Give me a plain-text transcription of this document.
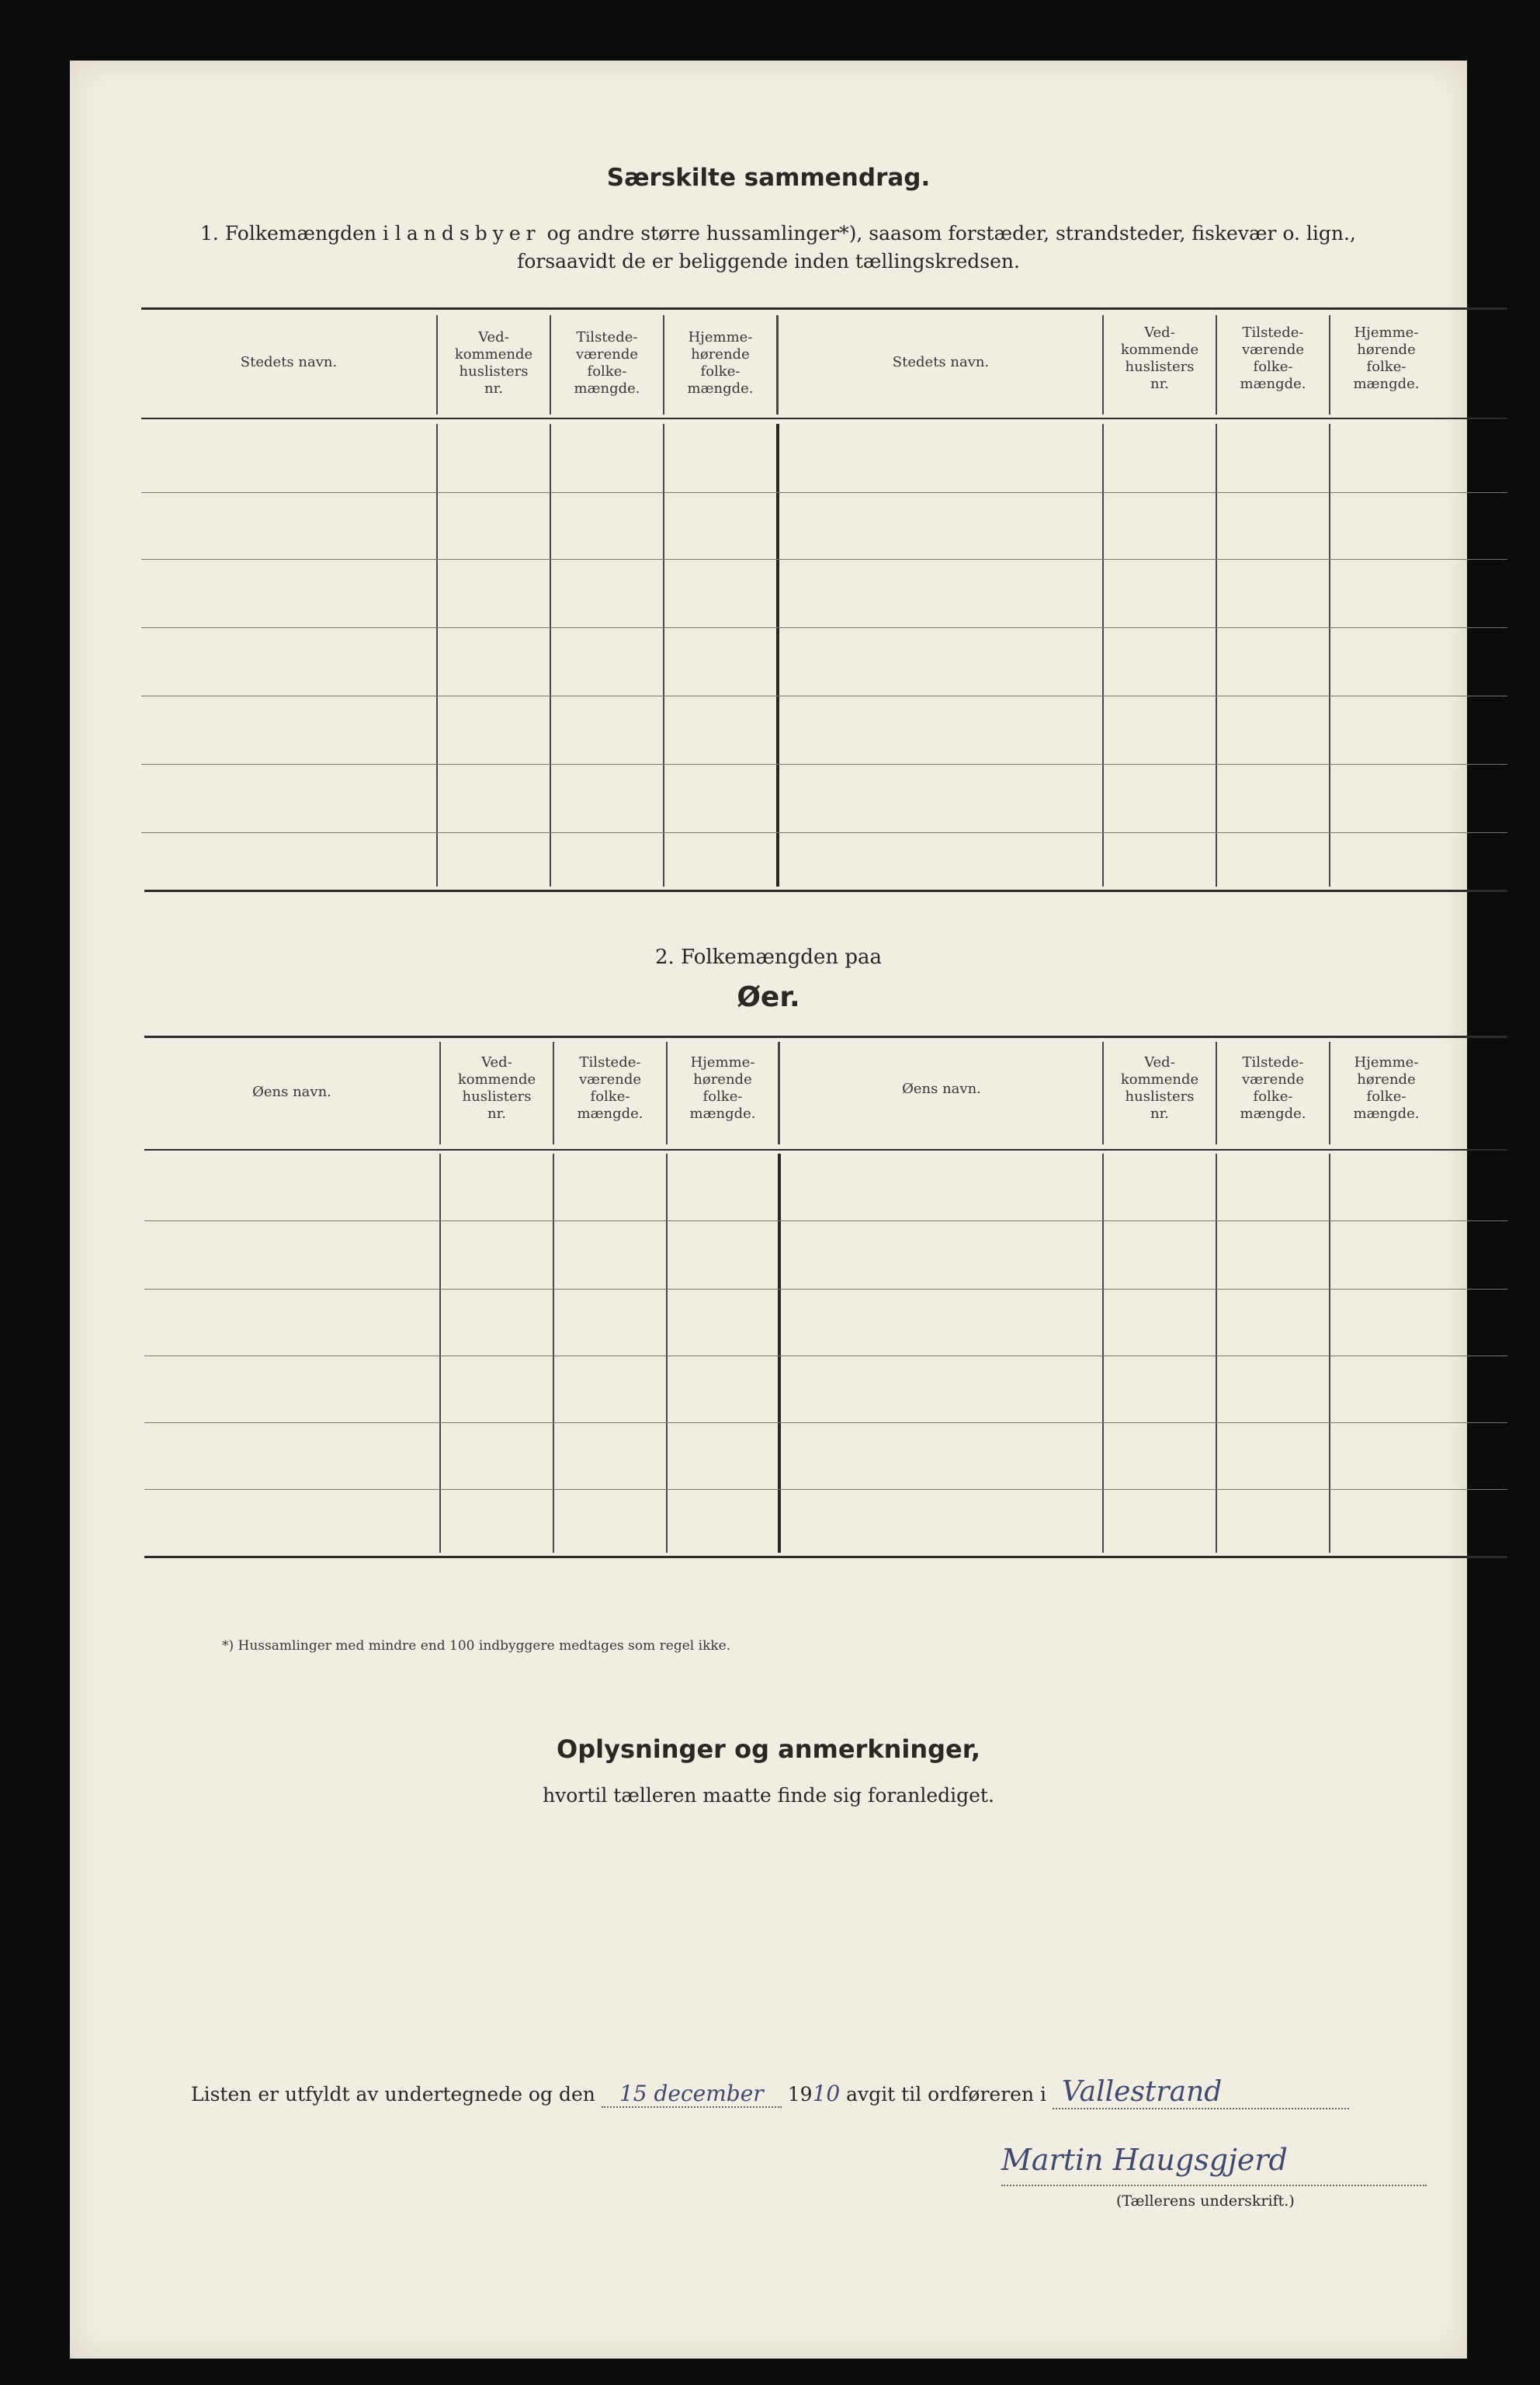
Særskilte sammendrag.
1. Folkemængden i landsbyer og andre større hussamlinger*), saasom forstæder, strandsteder, fiskevær o. lign.,
forsaavidt de er beliggende inden tællingskredsen.
Stedets navn.
Ved-
kommende
huslisters
nr.
Tilstede-
værende
folke-
mængde.
Hjemme-
hørende
folke-
mængde.
Stedets navn.
Ved-
kommende
huslisters
nr.
Tilstede-
værende
folke-
mængde.
Hjemme-
hørende
folke-
mængde.
2. Folkemængden paa
Øer.
Øens navn.
Ved-
kommende
huslisters
nr.
Tilstede-
værende
folke-
mængde.
Hjemme-
hørende
folke-
mængde.
Øens navn.
Ved-
kommende
huslisters
nr.
Tilstede-
værende
folke-
mængde.
Hjemme-
hørende
folke-
mængde.
*) Hussamlinger med mindre end 100 indbyggere medtages som regel ikke.
Oplysninger og anmerkninger,
hvortil tælleren maatte finde sig foranlediget.
Listen er utfyldt av undertegnede og den 15 december 1910 avgit til ordføreren i Vallestrand
Martin Haugsgjerd
(Tællerens underskrift.)
